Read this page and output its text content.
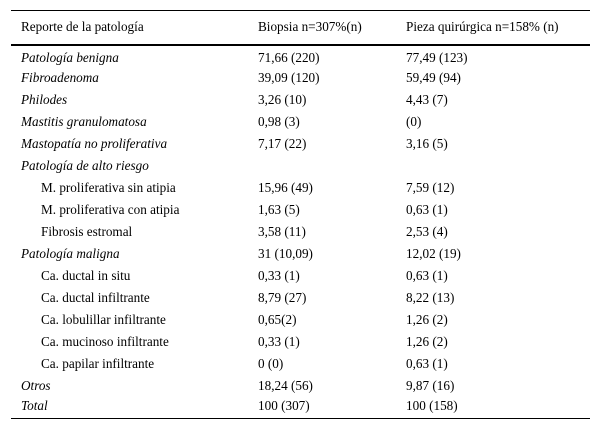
Reporte de la patología	Biopsia n=307%(n)	Pieza quirúrgica n=158% (n)
Patología benigna	71,66 (220)	77,49 (123)
Fibroadenoma	39,09 (120)	59,49 (94)
Philodes	3,26 (10)	4,43 (7)
Mastitis granulomatosa	0,98 (3)	(0)
Mastopatía no proliferativa	7,17 (22)	3,16 (5)
Patología de alto riesgo		
M. proliferativa sin atipia	15,96 (49)	7,59 (12)
M. proliferativa con atipia	1,63 (5)	0,63 (1)
Fibrosis estromal	3,58 (11)	2,53 (4)
Patología maligna	31 (10,09)	12,02 (19)
Ca. ductal in situ	0,33 (1)	0,63 (1)
Ca. ductal infiltrante	8,79 (27)	8,22 (13)
Ca. lobulillar infiltrante	0,65(2)	1,26 (2)
Ca. mucinoso infiltrante	0,33 (1)	1,26 (2)
Ca. papilar infiltrante	0 (0)	0,63 (1)
Otros	18,24 (56)	9,87 (16)
Total	100 (307)	100 (158)
